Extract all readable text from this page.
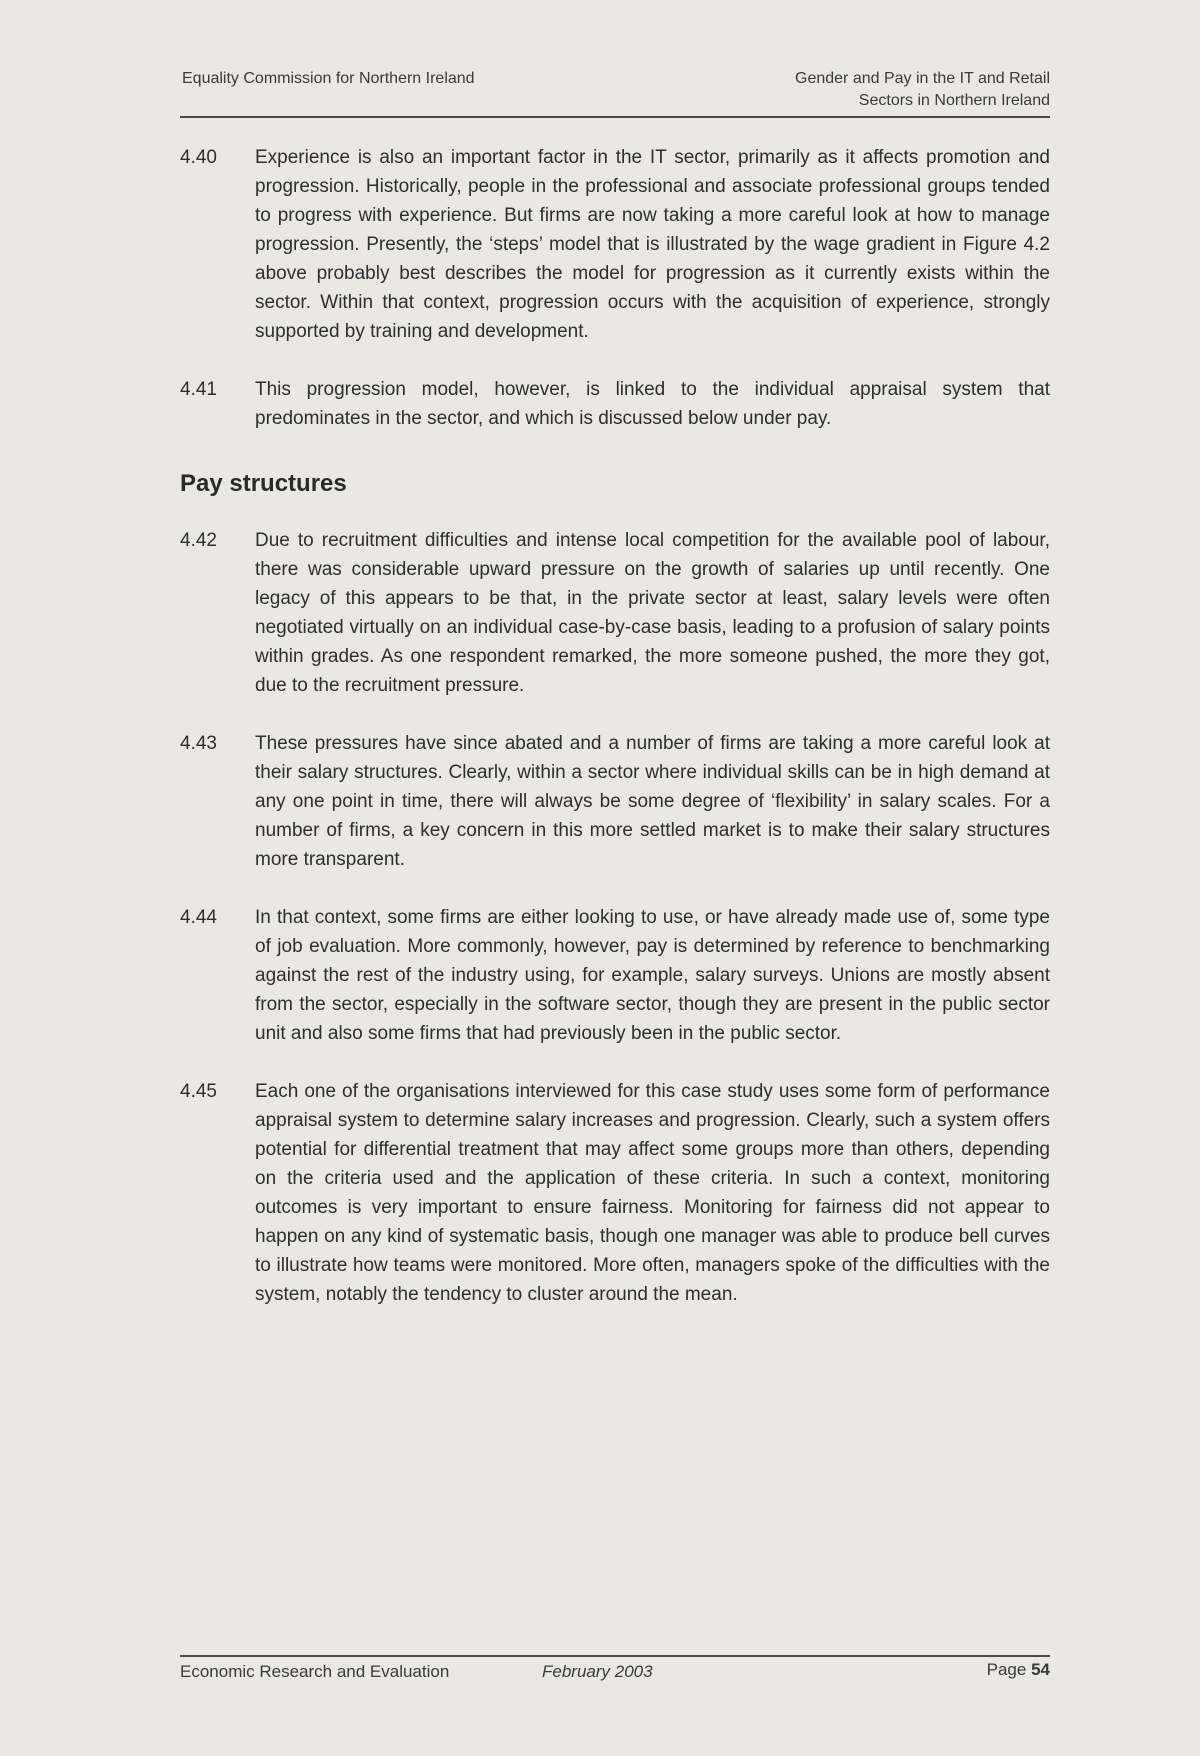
Equality Commission for Northern Ireland	Gender and Pay in the IT and Retail
Sectors in Northern Ireland
4.40 Experience is also an important factor in the IT sector, primarily as it affects promotion and progression. Historically, people in the professional and associate professional groups tended to progress with experience. But firms are now taking a more careful look at how to manage progression. Presently, the ‘steps’ model that is illustrated by the wage gradient in Figure 4.2 above probably best describes the model for progression as it currently exists within the sector. Within that context, progression occurs with the acquisition of experience, strongly supported by training and development.
4.41 This progression model, however, is linked to the individual appraisal system that predominates in the sector, and which is discussed below under pay.
Pay structures
4.42 Due to recruitment difficulties and intense local competition for the available pool of labour, there was considerable upward pressure on the growth of salaries up until recently. One legacy of this appears to be that, in the private sector at least, salary levels were often negotiated virtually on an individual case-by-case basis, leading to a profusion of salary points within grades. As one respondent remarked, the more someone pushed, the more they got, due to the recruitment pressure.
4.43 These pressures have since abated and a number of firms are taking a more careful look at their salary structures. Clearly, within a sector where individual skills can be in high demand at any one point in time, there will always be some degree of ‘flexibility’ in salary scales. For a number of firms, a key concern in this more settled market is to make their salary structures more transparent.
4.44 In that context, some firms are either looking to use, or have already made use of, some type of job evaluation. More commonly, however, pay is determined by reference to benchmarking against the rest of the industry using, for example, salary surveys. Unions are mostly absent from the sector, especially in the software sector, though they are present in the public sector unit and also some firms that had previously been in the public sector.
4.45 Each one of the organisations interviewed for this case study uses some form of performance appraisal system to determine salary increases and progression. Clearly, such a system offers potential for differential treatment that may affect some groups more than others, depending on the criteria used and the application of these criteria. In such a context, monitoring outcomes is very important to ensure fairness. Monitoring for fairness did not appear to happen on any kind of systematic basis, though one manager was able to produce bell curves to illustrate how teams were monitored. More often, managers spoke of the difficulties with the system, notably the tendency to cluster around the mean.
Economic Research and Evaluation	February 2003	Page 54
